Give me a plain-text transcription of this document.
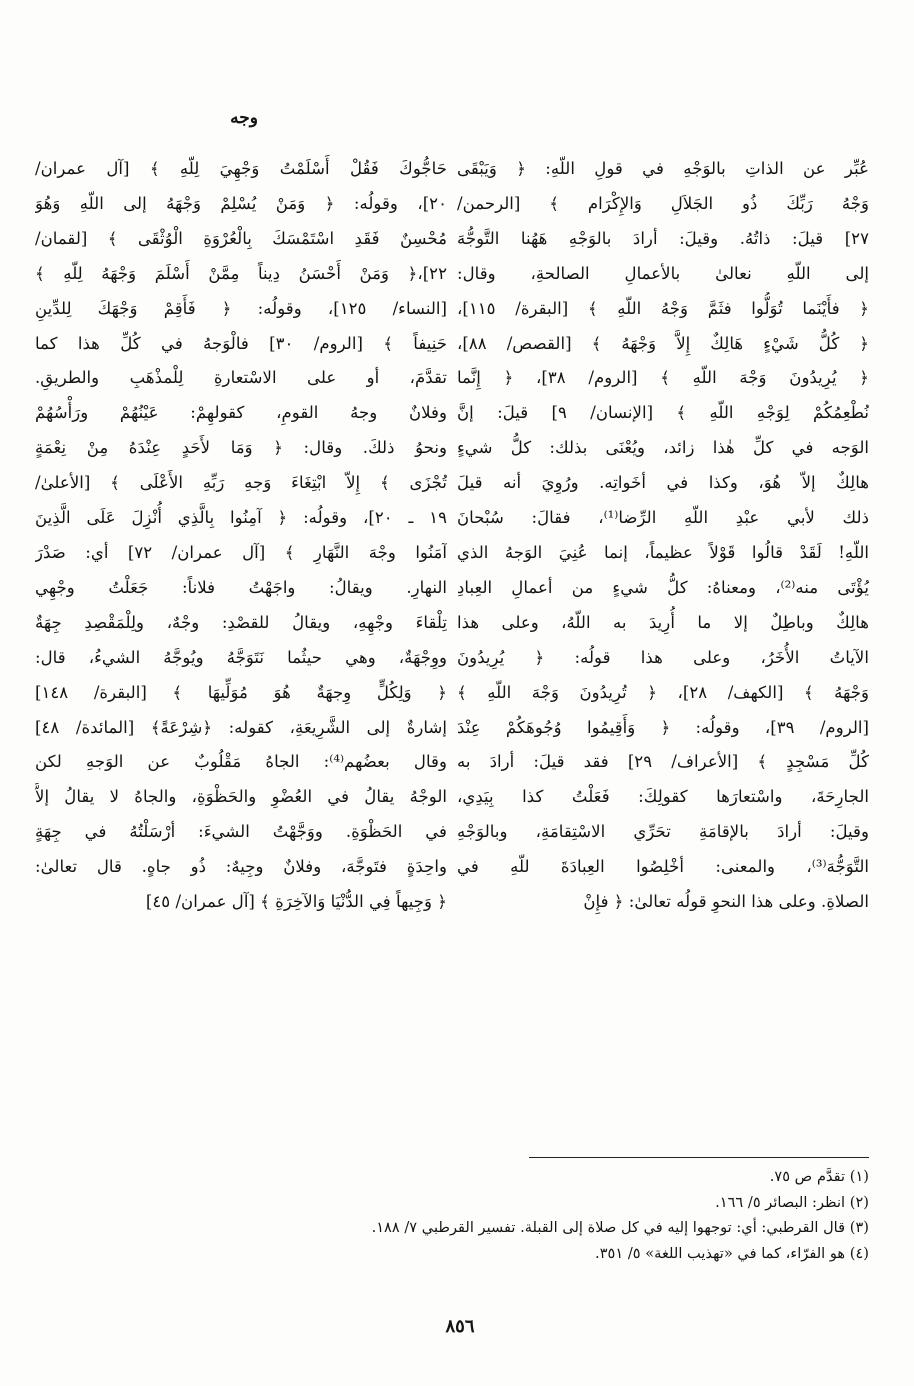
وجه
عُبِّر عن الذاتِ بالوَجْهِ في قولِ اللّهِ: ﴿ وَيَبْقَى
وَجْهُ رَبِّكَ ذُو الجَلاَلِ وَالإِكْرَام ﴾ [الرحمن/
٢٧] قيلَ: ذاتُهُ. وقيلَ: أرادَ بالوَجْهِ هَهُنا التَّوجُّهَ
إلى اللّهِ نعالىٰ بالأعمالِ الصالحةِ، وقال:
﴿ فأَيْنَما تُوَلُّوا فثَمَّ وَجْهُ اللّهِ ﴾ [البقرة/ ١١٥]،
﴿ كُلُّ شَيْءٍ هَالِكٌ إِلاَّ وَجْهَهُ ﴾ [القصص/ ٨٨]،
﴿ يُرِيدُونَ وَجْهَ اللّهِ ﴾ [الروم/ ٣٨]، ﴿ إِنَّما
نُطْعِمُكُمْ لِوَجْهِ اللّهِ ﴾ [الإنسان/ ٩] قيلَ: إنَّ
الوَجه في كلِّ هٰذا زائد، ويُعْنَى بذلك: كلُّ شيءٍ
هالِكٌ إلاّ هُوَ، وكذا في أخَواتِه. ورُوِيَ أنه قيلَ
ذلك لأبي عبْدِ اللّهِ الرِّضا⁽¹⁾، فقالَ: سُبْحانَ
اللّهِ! لَقَدْ قالُوا قَوْلاً عظيماً، إنما عُنِيَ الوَجهُ الذي
يُؤْتَى منه⁽²⁾، ومعناهُ: كلُّ شيءٍ من أعمالِ العِبادِ
هالِكٌ وباطِلٌ إلا ما أُرِيدَ به اللّهُ، وعلى هذا
الآياتُ الأُخَرُ، وعلى هذا قولُه: ﴿ يُرِيدُونَ
وَجْهَهُ ﴾ [الكهف/ ٢٨]، ﴿ تُرِيدُونَ وَجْهَ اللّهِ ﴾
[الروم/ ٣٩]، وقولُه: ﴿ وَأَقِيمُوا وُجُوهَكُمْ عِنْدَ
كُلِّ مَسْجِدٍ ﴾ [الأعراف/ ٢٩] فقد قيلَ: أرادَ به
الجارِحَةَ، واسْتعارَها كقولِكَ: فَعَلْتُ كذا بِيَدِي،
وقيلَ: أرادَ بالإقامَةِ تحَرِّي الاسْتِقامَةِ، وبالوَجْهِ
التَّوَجُّهَ⁽³⁾، والمعنى: أخْلِصُوا العِبادَةَ للّهِ في
الصلاةِ. وعلى هذا النحوِ قولُه تعالىٰ: ﴿ فإِنْ
حَاجُّوكَ فَقُلْ أَسْلَمْتُ وَجْهِيَ لِلّهِ ﴾ [آل عمران/
٢٠]، وقولُه: ﴿ وَمَنْ يُسْلِمْ وَجْهَهُ إلى اللّهِ وَهُوَ
مُحْسِنٌ فَقَدِ اسْتَمْسَكَ بِالْعُرْوَةِ الْوُثْقَى ﴾ [لقمان/
٢٢]،﴿ وَمَنْ أَحْسَنُ دِيناً مِمَّنْ أَسْلَمَ وَجْهَهُ لِلّهِ ﴾
[النساء/ ١٢٥]، وقولُه: ﴿ فَأَقِمْ وَجْهَكَ لِلدِّينِ
حَنِيفاً ﴾ [الروم/ ٣٠] فالْوَجهُ في كُلِّ هذا كما
تقدَّمَ، أو على الاسْتعارةِ لِلْمذْهَبِ والطريقِ.
وفلانٌ وجهُ القومِ، كقولهِمْ: عَيْنُهُمْ ورَأْسُهُمْ
ونحوُ ذلكَ. وقال: ﴿ وَمَا لأَحَدٍ عِنْدَهُ مِنْ نِعْمَةٍ
تُجْزَى ﴾ إِلاّ ابْتِغَاءَ وَجهِ رَبِّهِ الأَعْلَى ﴾ [الأعلىٰ/
١٩ ـ ٢٠]، وقولُه: ﴿ آمِنُوا بِالَّذِي أُنْزِلَ عَلَى الَّذِينَ
آمَنُوا وجْهَ النَّهَارِ ﴾ [آل عمران/ ٧٢] أي: صَدْرَ
النهارِ. ويقالُ: واجَهْتُ فلاناً: جَعَلْتُ وجْهِي
تِلْقاءَ وجْهِهِ، ويقالُ للقصْدِ: وجْهٌ، ولِلْمَقْصِدِ جِهَةٌ
ووِجْهَةٌ، وهي حيثُما نَتَوَجَّهُ ويُوجَّهُ الشيءُ، قال:
﴿ وَلِكُلٍّ وِجهَةٌ هُوَ مُوَلِّيهَا ﴾ [البقرة/ ١٤٨]
إشارةٌ إلى الشَّرِيعَةِ، كقوله: ﴿شِرْعَةً﴾ [المائدة/ ٤٨]
وقال بعضُهم⁽⁴⁾: الجاهُ مَقْلُوبٌ عن الوَجهِ لكن
الوجْهُ يقالُ في العُضْوِ والحَظْوَةِ، والجاهُ لا يقالُ إلاَّ
في الحَظْوَةِ. ووَجَّهْتُ الشيءَ: أرْسَلْتُهُ في جِهَةٍ
واحِدَةٍ فتَوجَّهَ، وفلانٌ وجِيهٌ: ذُو جاهٍ. قال تعالىٰ:
﴿ وَجِيهاً فِي الدُّنْيَا وَالآخِرَةِ ﴾ [آل عمران/ ٤٥]
(١) تقدَّم ص ٧٥.
(٢) انظر: البصائر ٥/ ١٦٦.
(٣) قال القرطبي: أي: توجهوا إليه في كل صلاة إلى القبلة. تفسير القرطبي ٧/ ١٨٨.
(٤) هو الفرّاء، كما في «تهذيب اللغة» ٥/ ٣٥١.
٨٥٦
